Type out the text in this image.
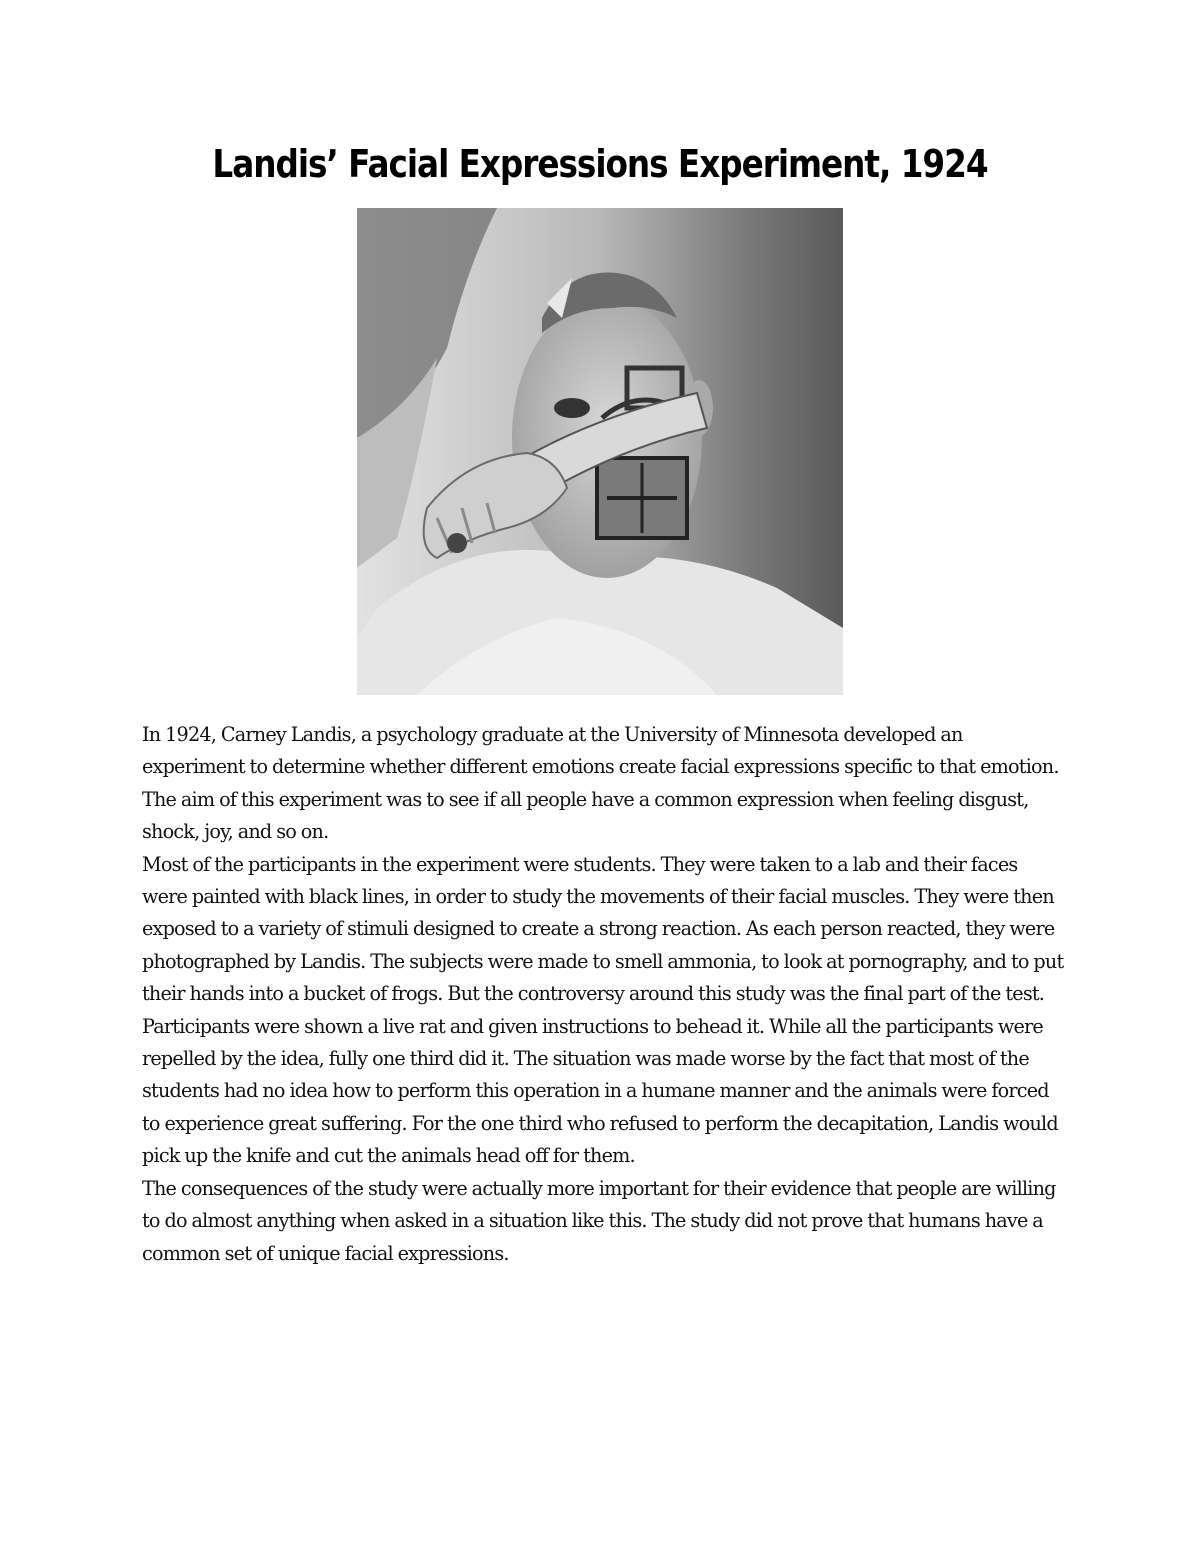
Landis’ Facial Expressions Experiment, 1924

In 1924, Carney Landis, a psychology graduate at the University of Minnesota developed an experiment to determine whether different emotions create facial expressions specific to that emotion. The aim of this experiment was to see if all people have a common expression when feeling disgust, shock, joy, and so on.

Most of the participants in the experiment were students. They were taken to a lab and their faces were painted with black lines, in order to study the movements of their facial muscles. They were then exposed to a variety of stimuli designed to create a strong reaction. As each person reacted, they were photographed by Landis. The subjects were made to smell ammonia, to look at pornography, and to put their hands into a bucket of frogs. But the controversy around this study was the final part of the test.

Participants were shown a live rat and given instructions to behead it. While all the participants were repelled by the idea, fully one third did it. The situation was made worse by the fact that most of the students had no idea how to perform this operation in a humane manner and the animals were forced to experience great suffering. For the one third who refused to perform the decapitation, Landis would pick up the knife and cut the animals head off for them.

The consequences of the study were actually more important for their evidence that people are willing to do almost anything when asked in a situation like this. The study did not prove that humans have a common set of unique facial expressions.
